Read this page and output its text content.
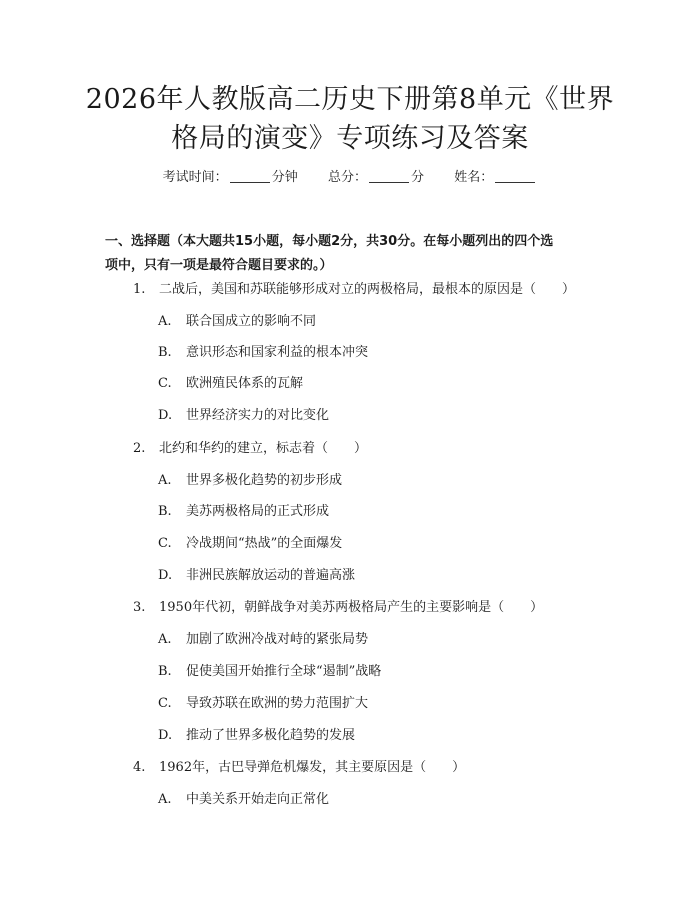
2026年人教版高二历史下册第8单元《世界
格局的演变》专项练习及答案
考试时间：	分钟 总分：	分 姓名：
一、选择题（本大题共15小题，每小题2分，共30分。在每小题列出的四个选
项中，只有一项是最符合题目要求的。）
1. 二战后，美国和苏联能够形成对立的两极格局，最根本的原因是（　　）
A. 联合国成立的影响不同
B. 意识形态和国家利益的根本冲突
C. 欧洲殖民体系的瓦解
D. 世界经济实力的对比变化
2. 北约和华约的建立，标志着（　　）
A. 世界多极化趋势的初步形成
B. 美苏两极格局的正式形成
C. 冷战期间“热战”的全面爆发
D. 非洲民族解放运动的普遍高涨
3. 1950年代初，朝鲜战争对美苏两极格局产生的主要影响是（　　）
A. 加剧了欧洲冷战对峙的紧张局势
B. 促使美国开始推行全球“遏制”战略
C. 导致苏联在欧洲的势力范围扩大
D. 推动了世界多极化趋势的发展
4. 1962年，古巴导弹危机爆发，其主要原因是（　　）
A. 中美关系开始走向正常化
